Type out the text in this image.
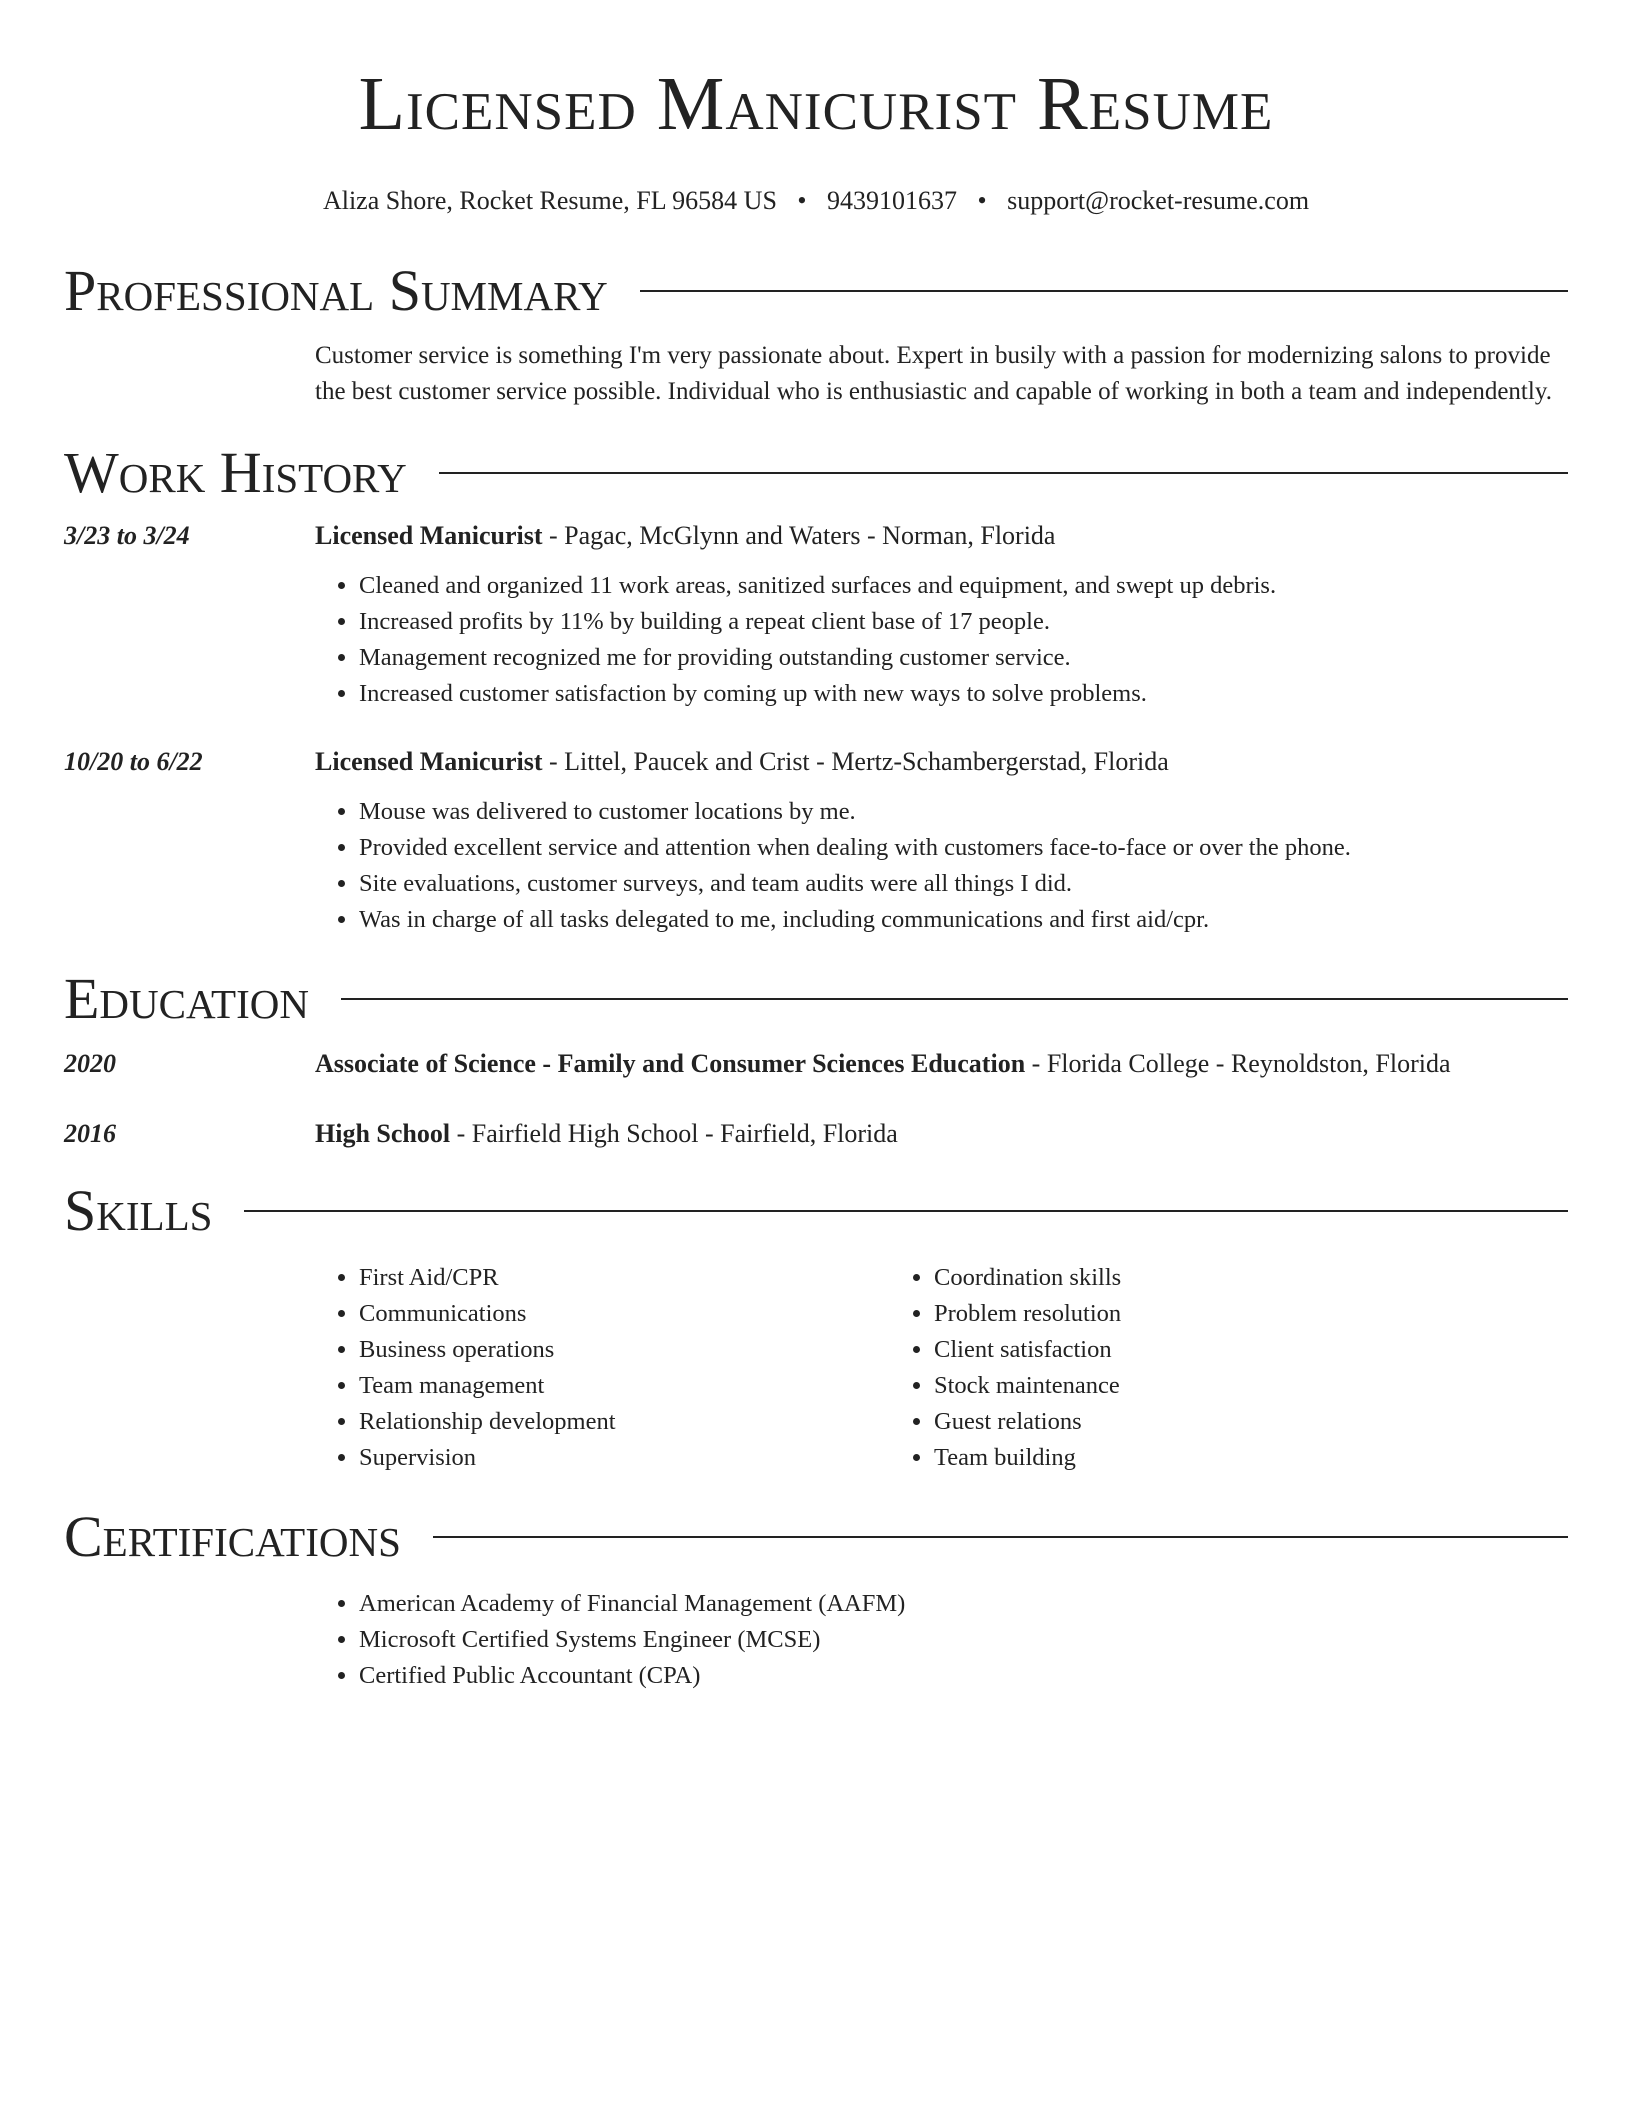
Licensed Manicurist Resume
Aliza Shore, Rocket Resume, FL 96584 US • 9439101637 • support@rocket-resume.com
Professional Summary
Customer service is something I'm very passionate about. Expert in busily with a passion for modernizing salons to provide the best customer service possible. Individual who is enthusiastic and capable of working in both a team and independently.
Work History
3/23 to 3/24	Licensed Manicurist - Pagac, McGlynn and Waters - Norman, Florida
• Cleaned and organized 11 work areas, sanitized surfaces and equipment, and swept up debris.
• Increased profits by 11% by building a repeat client base of 17 people.
• Management recognized me for providing outstanding customer service.
• Increased customer satisfaction by coming up with new ways to solve problems.
10/20 to 6/22	Licensed Manicurist - Littel, Paucek and Crist - Mertz-Schambergerstad, Florida
• Mouse was delivered to customer locations by me.
• Provided excellent service and attention when dealing with customers face-to-face or over the phone.
• Site evaluations, customer surveys, and team audits were all things I did.
• Was in charge of all tasks delegated to me, including communications and first aid/cpr.
Education
2020	Associate of Science - Family and Consumer Sciences Education - Florida College - Reynoldston, Florida
2016	High School - Fairfield High School - Fairfield, Florida
Skills
• First Aid/CPR
• Communications
• Business operations
• Team management
• Relationship development
• Supervision
• Coordination skills
• Problem resolution
• Client satisfaction
• Stock maintenance
• Guest relations
• Team building
Certifications
• American Academy of Financial Management (AAFM)
• Microsoft Certified Systems Engineer (MCSE)
• Certified Public Accountant (CPA)
